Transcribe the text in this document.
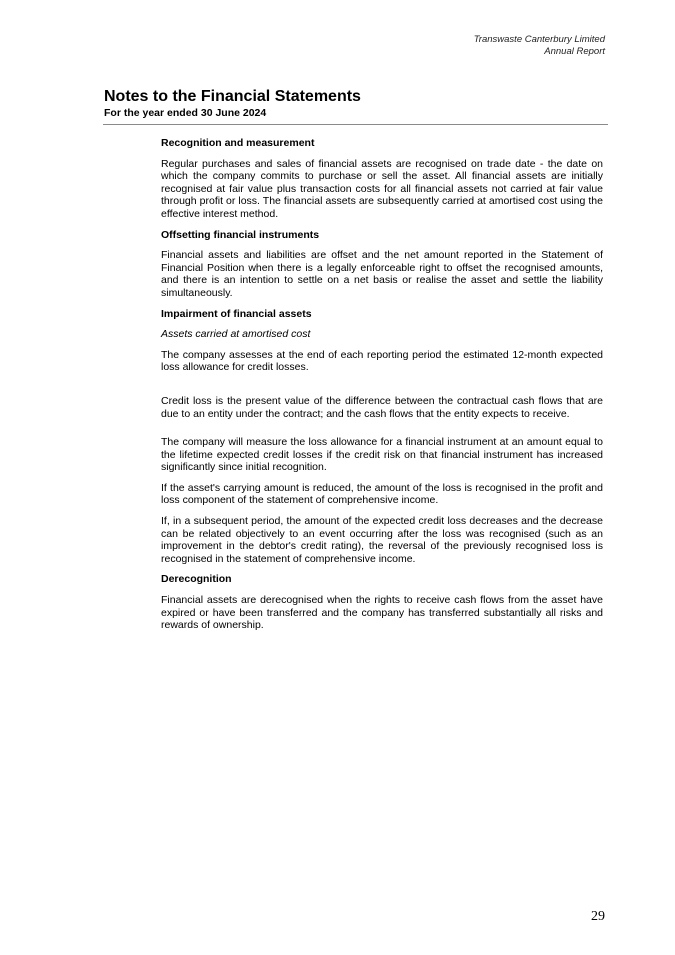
Transwaste Canterbury Limited
Annual Report
Notes to the Financial Statements
For the year ended 30 June 2024

Recognition and measurement

Regular purchases and sales of financial assets are recognised on trade date - the date on which the company commits to purchase or sell the asset. All financial assets are initially recognised at fair value plus transaction costs for all financial assets not carried at fair value through profit or loss. The financial assets are subsequently carried at amortised cost using the effective interest method.

Offsetting financial instruments

Financial assets and liabilities are offset and the net amount reported in the Statement of Financial Position when there is a legally enforceable right to offset the recognised amounts, and there is an intention to settle on a net basis or realise the asset and settle the liability simultaneously.

Impairment of financial assets

Assets carried at amortised cost

The company assesses at the end of each reporting period the estimated 12-month expected loss allowance for credit losses.

Credit loss is the present value of the difference between the contractual cash flows that are due to an entity under the contract; and the cash flows that the entity expects to receive.

The company will measure the loss allowance for a financial instrument at an amount equal to the lifetime expected credit losses if the credit risk on that financial instrument has increased significantly since initial recognition.

If the asset's carrying amount is reduced, the amount of the loss is recognised in the profit and loss component of the statement of comprehensive income.

If, in a subsequent period, the amount of the expected credit loss decreases and the decrease can be related objectively to an event occurring after the loss was recognised (such as an improvement in the debtor's credit rating), the reversal of the previously recognised loss is recognised in the statement of comprehensive income.

Derecognition

Financial assets are derecognised when the rights to receive cash flows from the asset have expired or have been transferred and the company has transferred substantially all risks and rewards of ownership.

29
